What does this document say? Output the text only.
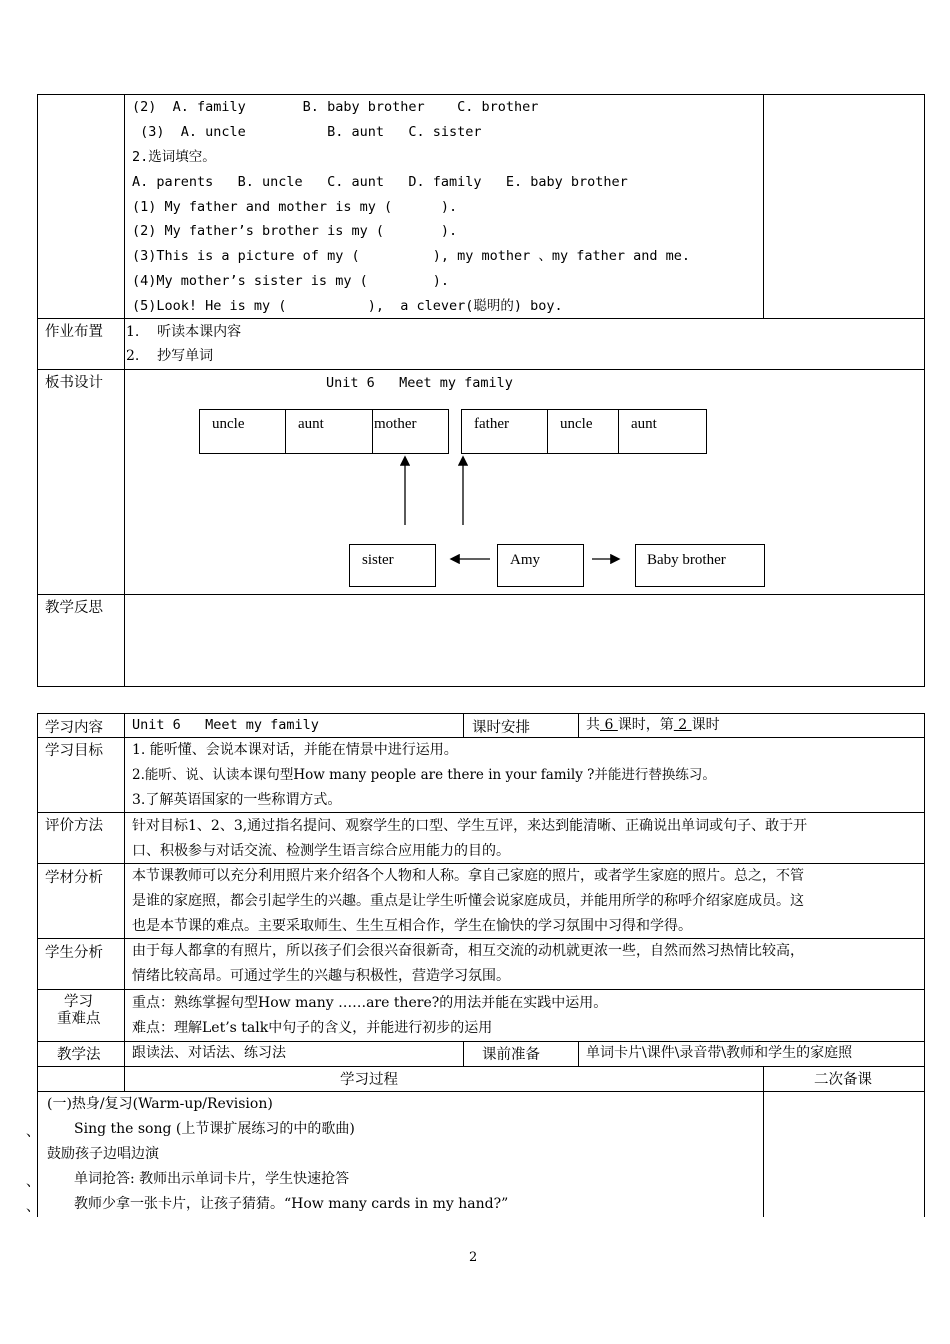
(2)  A. family       B. baby brother    C. brother
(3)  A. uncle          B. aunt   C. sister
2.选词填空。
A. parents   B. uncle   C. aunt   D. family   E. baby brother
(1) My father and mother is my (      ).
(2) My father’s brother is my (       ).
(3)This is a picture of my (         ), my mother 、my father and me.
(4)My mother’s sister is my (        ).
(5)Look! He is my (          ),  a clever(聪明的) boy.
作业布置 1.    听读本课内容
2.    抄写单词
板书设计	Unit 6   Meet my family
uncle	aunt	mother	father	uncle	aunt
sister	Amy	Baby brother
教学反思
学习内容 Unit 6   Meet my family	课时安排	共 6 课时，第 2 课时
学习目标 1. 能听懂、会说本课对话，并能在情景中进行运用。
2.能听、说、认读本课句型How many people are there in your family ?并能进行替换练习。
3.了解英语国家的一些称谓方式。
评价方法 针对目标1、2、3,通过指名提问、观察学生的口型、学生互评，来达到能清晰、正确说出单词或句子、敢于开
口、积极参与对话交流、检测学生语言综合应用能力的目的。
学材分析 本节课教师可以充分利用照片来介绍各个人物和人称。拿自己家庭的照片，或者学生家庭的照片。总之，不管
是谁的家庭照，都会引起学生的兴趣。重点是让学生听懂会说家庭成员，并能用所学的称呼介绍家庭成员。这
也是本节课的难点。主要采取师生、生生互相合作，学生在愉快的学习氛围中习得和学得。
学生分析 由于每人都拿的有照片，所以孩子们会很兴奋很新奇，相互交流的动机就更浓一些，自然而然习热情比较高，
情绪比较高昂。可通过学生的兴趣与积极性，营造学习氛围。
学习
重难点
重点：熟练掌握句型How many ……are there?的用法并能在实践中运用。
难点：理解Let’s talk中句子的含义，并能进行初步的运用
教学法 跟读法、对话法、练习法	课前准备	单词卡片\课件\录音带\教师和学生的家庭照
学习过程	二次备课
(一)热身/复习(Warm-up/Revision)
、 Sing the song (上节课扩展练习的中的歌曲)
鼓励孩子边唱边演
、 单词抢答: 教师出示单词卡片，学生快速抢答
、 教师少拿一张卡片，让孩子猜猜。“How many cards in my hand?”
2
